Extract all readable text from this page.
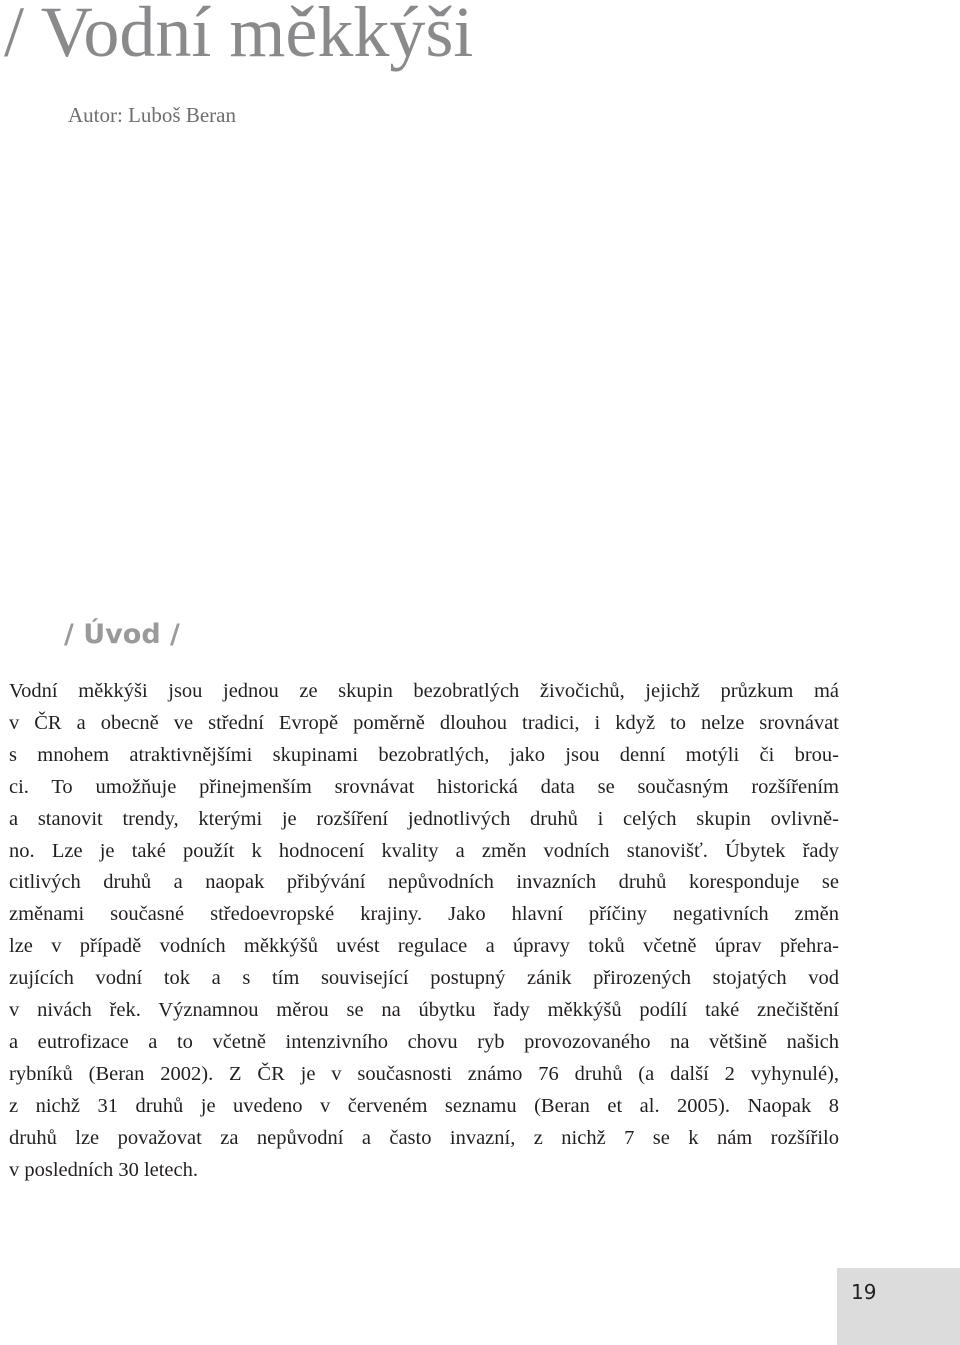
/ Vodní měkkýši
Autor: Luboš Beran
/ Úvod /
Vodní měkkýši jsou jednou ze skupin bezobratlých živočichů, jejichž průzkum má
v ČR a obecně ve střední Evropě poměrně dlouhou tradici, i když to nelze srovnávat
s mnohem atraktivnějšími skupinami bezobratlých, jako jsou denní motýli či brou-
ci. To umožňuje přinejmenším srovnávat historická data se současným rozšířením
a stanovit trendy, kterými je rozšíření jednotlivých druhů i celých skupin ovlivně-
no. Lze je také použít k hodnocení kvality a změn vodních stanovišť. Úbytek řady
citlivých druhů a naopak přibývání nepůvodních invazních druhů koresponduje se
změnami současné středoevropské krajiny. Jako hlavní příčiny negativních změn
lze v případě vodních měkkýšů uvést regulace a úpravy toků včetně úprav přehra-
zujících vodní tok a s tím související postupný zánik přirozených stojatých vod
v nivách řek. Významnou měrou se na úbytku řady měkkýšů podílí také znečištění
a eutrofizace a to včetně intenzivního chovu ryb provozovaného na většině našich
rybníků (Beran 2002). Z ČR je v současnosti známo 76 druhů (a další 2 vyhynulé),
z nichž 31 druhů je uvedeno v červeném seznamu (Beran et al. 2005). Naopak 8
druhů lze považovat za nepůvodní a často invazní, z nichž 7 se k nám rozšířilo
v posledních 30 letech.
19
